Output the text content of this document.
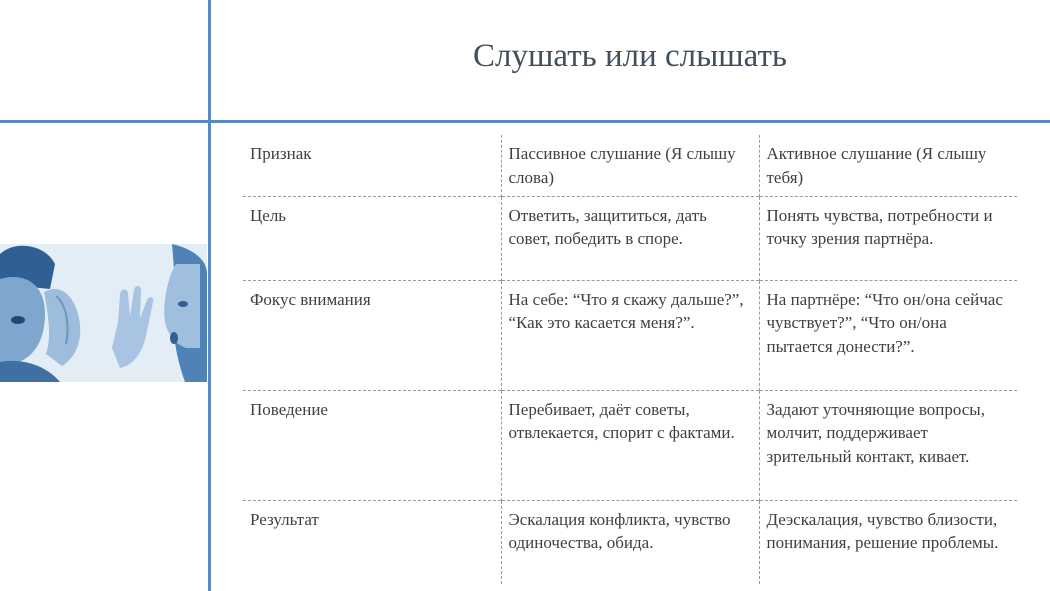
Слушать или слышать
Признак	Пассивное слушание (Я слышу слова)	Активное слушание (Я слышу тебя)
Цель	Ответить, защититься, дать совет, победить в споре.	Понять чувства, потребности и точку зрения партнёра.
Фокус внимания	На себе: “Что я скажу дальше?”, “Как это касается меня?”.	На партнёре: “Что он/она сейчас чувствует?”, “Что он/она пытается донести?”.
Поведение	Перебивает, даёт советы, отвлекается, спорит с фактами.	Задают уточняющие вопросы, молчит, поддерживает зрительный контакт, кивает.
Результат	Эскалация конфликта, чувство одиночества, обида.	Деэскалация, чувство близости, понимания, решение проблемы.
